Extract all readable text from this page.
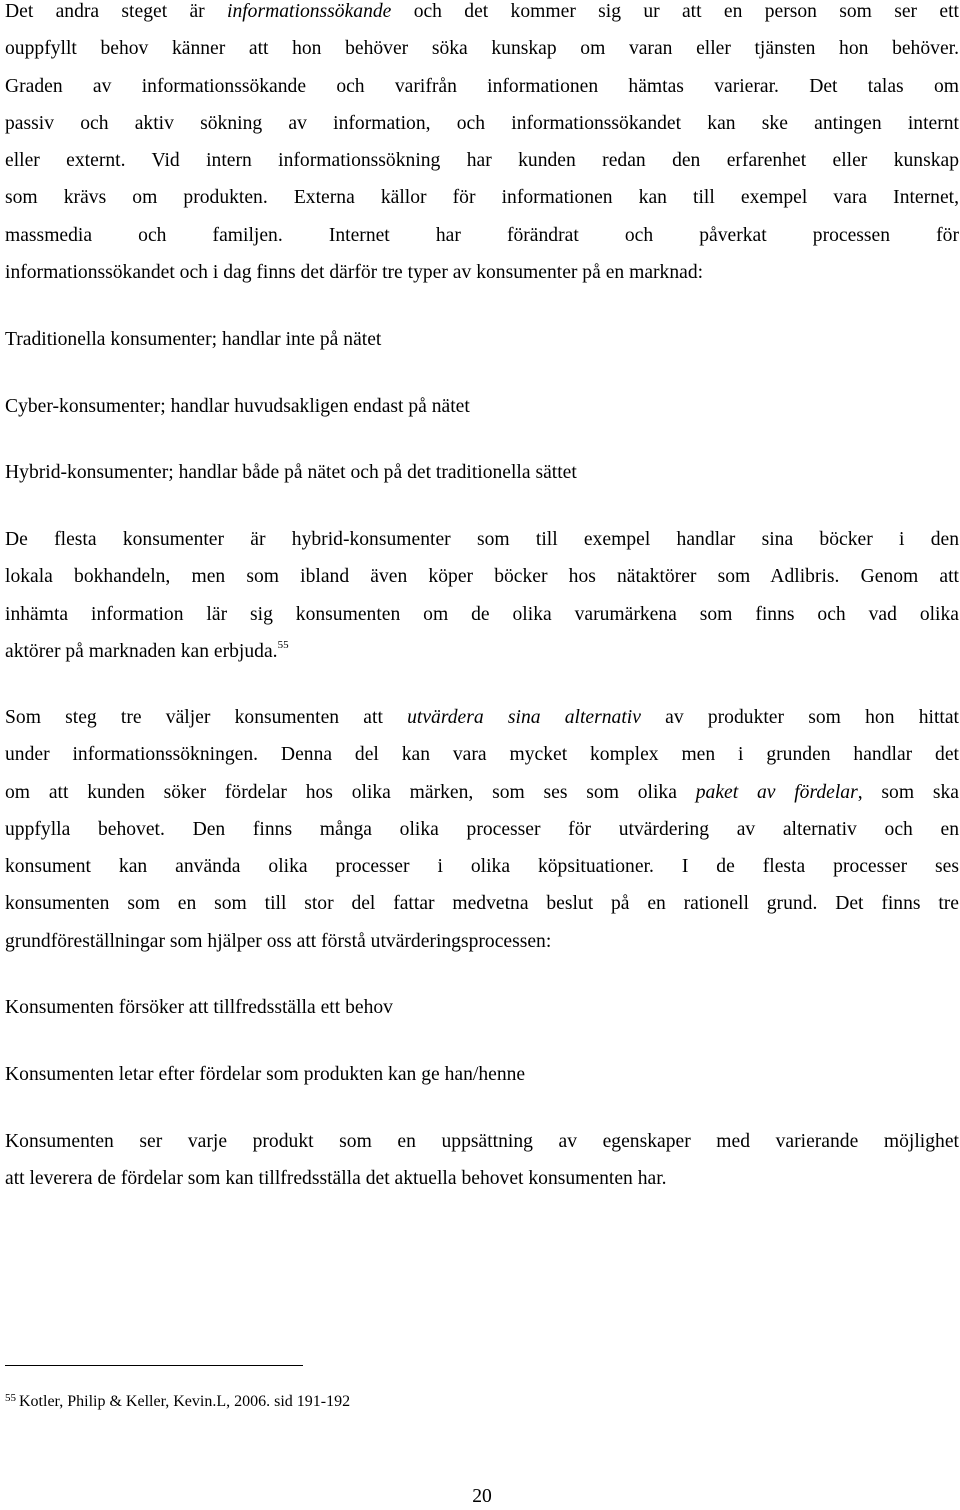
Det andra steget är informationssökande och det kommer sig ur att en person som ser ett
ouppfyllt behov känner att hon behöver söka kunskap om varan eller tjänsten hon behöver.
Graden av informationssökande och varifrån informationen hämtas varierar. Det talas om
passiv och aktiv sökning av information, och informationssökandet kan ske antingen internt
eller externt. Vid intern informationssökning har kunden redan den erfarenhet eller kunskap
som krävs om produkten. Externa källor för informationen kan till exempel vara Internet,
massmedia och familjen. Internet har förändrat och påverkat processen för
informationssökandet och i dag finns det därför tre typer av konsumenter på en marknad:
Traditionella konsumenter; handlar inte på nätet
Cyber-konsumenter; handlar huvudsakligen endast på nätet
Hybrid-konsumenter; handlar både på nätet och på det traditionella sättet
De flesta konsumenter är hybrid-konsumenter som till exempel handlar sina böcker i den
lokala bokhandeln, men som ibland även köper böcker hos nätaktörer som Adlibris. Genom att
inhämta information lär sig konsumenten om de olika varumärkena som finns och vad olika
aktörer på marknaden kan erbjuda.$^{55}$
Som steg tre väljer konsumenten att utvärdera sina alternativ av produkter som hon hittat
under informationssökningen. Denna del kan vara mycket komplex men i grunden handlar det
om att kunden söker fördelar hos olika märken, som ses som olika paket av fördelar, som ska
uppfylla behovet. Den finns många olika processer för utvärdering av alternativ och en
konsument kan använda olika processer i olika köpsituationer. I de flesta processer ses
konsumenten som en som till stor del fattar medvetna beslut på en rationell grund. Det finns tre
grundföreställningar som hjälper oss att förstå utvärderingsprocessen:
Konsumenten försöker att tillfredsställa ett behov
Konsumenten letar efter fördelar som produkten kan ge han/henne
Konsumenten ser varje produkt som en uppsättning av egenskaper med varierande möjlighet
att leverera de fördelar som kan tillfredsställa det aktuella behovet konsumenten har.
$^{55}$ Kotler, Philip & Keller, Kevin.L, 2006. sid 191-192
20
